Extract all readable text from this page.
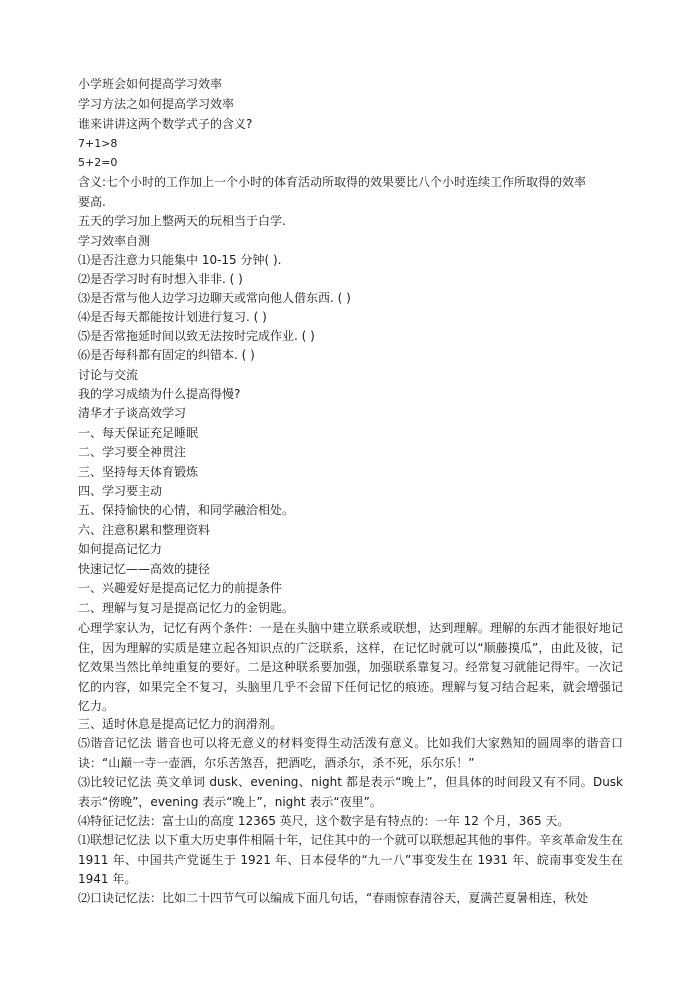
小学班会如何提高学习效率
学习方法之如何提高学习效率
谁来讲讲这两个数学式子的含义?
7+1>8
5+2=0
含义:七个小时的工作加上一个小时的体育活动所取得的效果要比八个小时连续工作所取得的效率
要高.
五天的学习加上整两天的玩相当于白学.
学习效率自测
⑴是否注意力只能集中 10-15 分钟( ).
⑵是否学习时有时想入非非. ( )
⑶是否常与他人边学习边聊天或常向他人借东西. ( )
⑷是否每天都能按计划进行复习. ( )
⑸是否常拖延时间以致无法按时完成作业. ( )
⑹是否每科都有固定的纠错本. ( )
讨论与交流
我的学习成绩为什么提高得慢?
清华才子谈高效学习
一、每天保证充足睡眠
二、学习要全神贯注
三、坚持每天体育锻炼
四、学习要主动
五、保持愉快的心情，和同学融洽相处。
六、注意积累和整理资料
如何提高记忆力
快速记忆——高效的捷径
一、兴趣爱好是提高记忆力的前提条件
二、理解与复习是提高记忆力的金钥匙。
心理学家认为，记忆有两个条件：一是在头脑中建立联系或联想，达到理解。理解的东西才能很好地记住，因为理解的实质是建立起各知识点的广泛联系，这样，在记忆时就可以“顺藤摸瓜”，由此及彼，记忆效果当然比单纯重复的要好。二是这种联系要加强，加强联系靠复习。经常复习就能记得牢。一次记忆的内容，如果完全不复习，头脑里几乎不会留下任何记忆的痕迹。理解与复习结合起来，就会增强记忆力。
三、适时休息是提高记忆力的润滑剂。
⑸谐音记忆法 谐音也可以将无意义的材料变得生动活泼有意义。比如我们大家熟知的圆周率的谐音口诀：“山巅一寺一壶酒，尔乐苦煞吾，把酒吃，酒杀尔，杀不死，乐尔乐！”
⑶比较记忆法 英文单词 dusk、evening、night 都是表示“晚上”，但具体的时间段又有不同。Dusk 表示“傍晚”，evening 表示“晚上”，night 表示“夜里”。
⑷特征记忆法：富士山的高度 12365 英尺，这个数字是有特点的：一年 12 个月，365 天。
⑴联想记忆法 以下重大历史事件相隔十年，记住其中的一个就可以联想起其他的事件。辛亥革命发生在 1911 年、中国共产党诞生于 1921 年、日本侵华的“九一八”事变发生在 1931 年、皖南事变发生在 1941 年。
⑵口诀记忆法：比如二十四节气可以编成下面几句话，“春雨惊春清谷天，夏满芒夏暑相连，秋处
